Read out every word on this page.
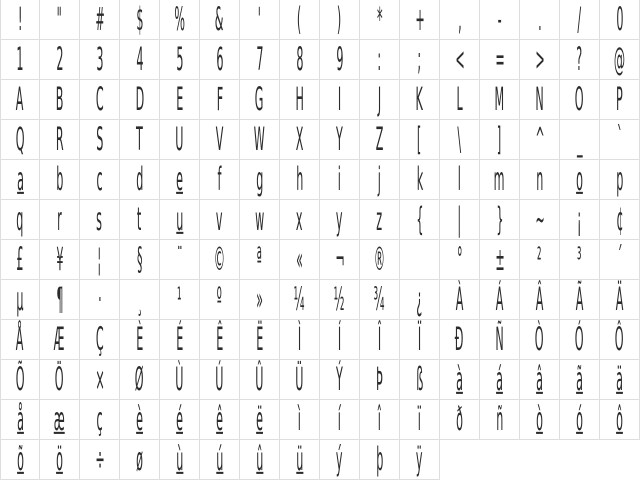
! " # $ % & ' ( ) * + , - . / 0
1 2 3 4 5 6 7 8 9 : ; < = > ? @
A B C D E F G H I J K L M N O P
Q R S T U V W X Y Z [ \ ] ^ _ `
a b c d e f g h i j k l m n o p
q r s t u v w x y z { | } ~ ¡ ¢
£ ¥ ¦ § ¨ © ª « ¬ ® ° ± ² ³ ´
µ ¶ · ¸ ¹ º » ¼ ½ ¾ ¿ À Á Â Ã Ä
Å Æ Ç È É Ê Ë Ì Í Î Ï Ð Ñ Ò Ó Ô
Õ Ö × Ø Ù Ú Û Ü Ý Þ ß à á â ã ä
å æ ç è é ê ë ì í î ï ð ñ ò ó ô
õ ö ÷ ø ù ú û ü ý þ ÿ
